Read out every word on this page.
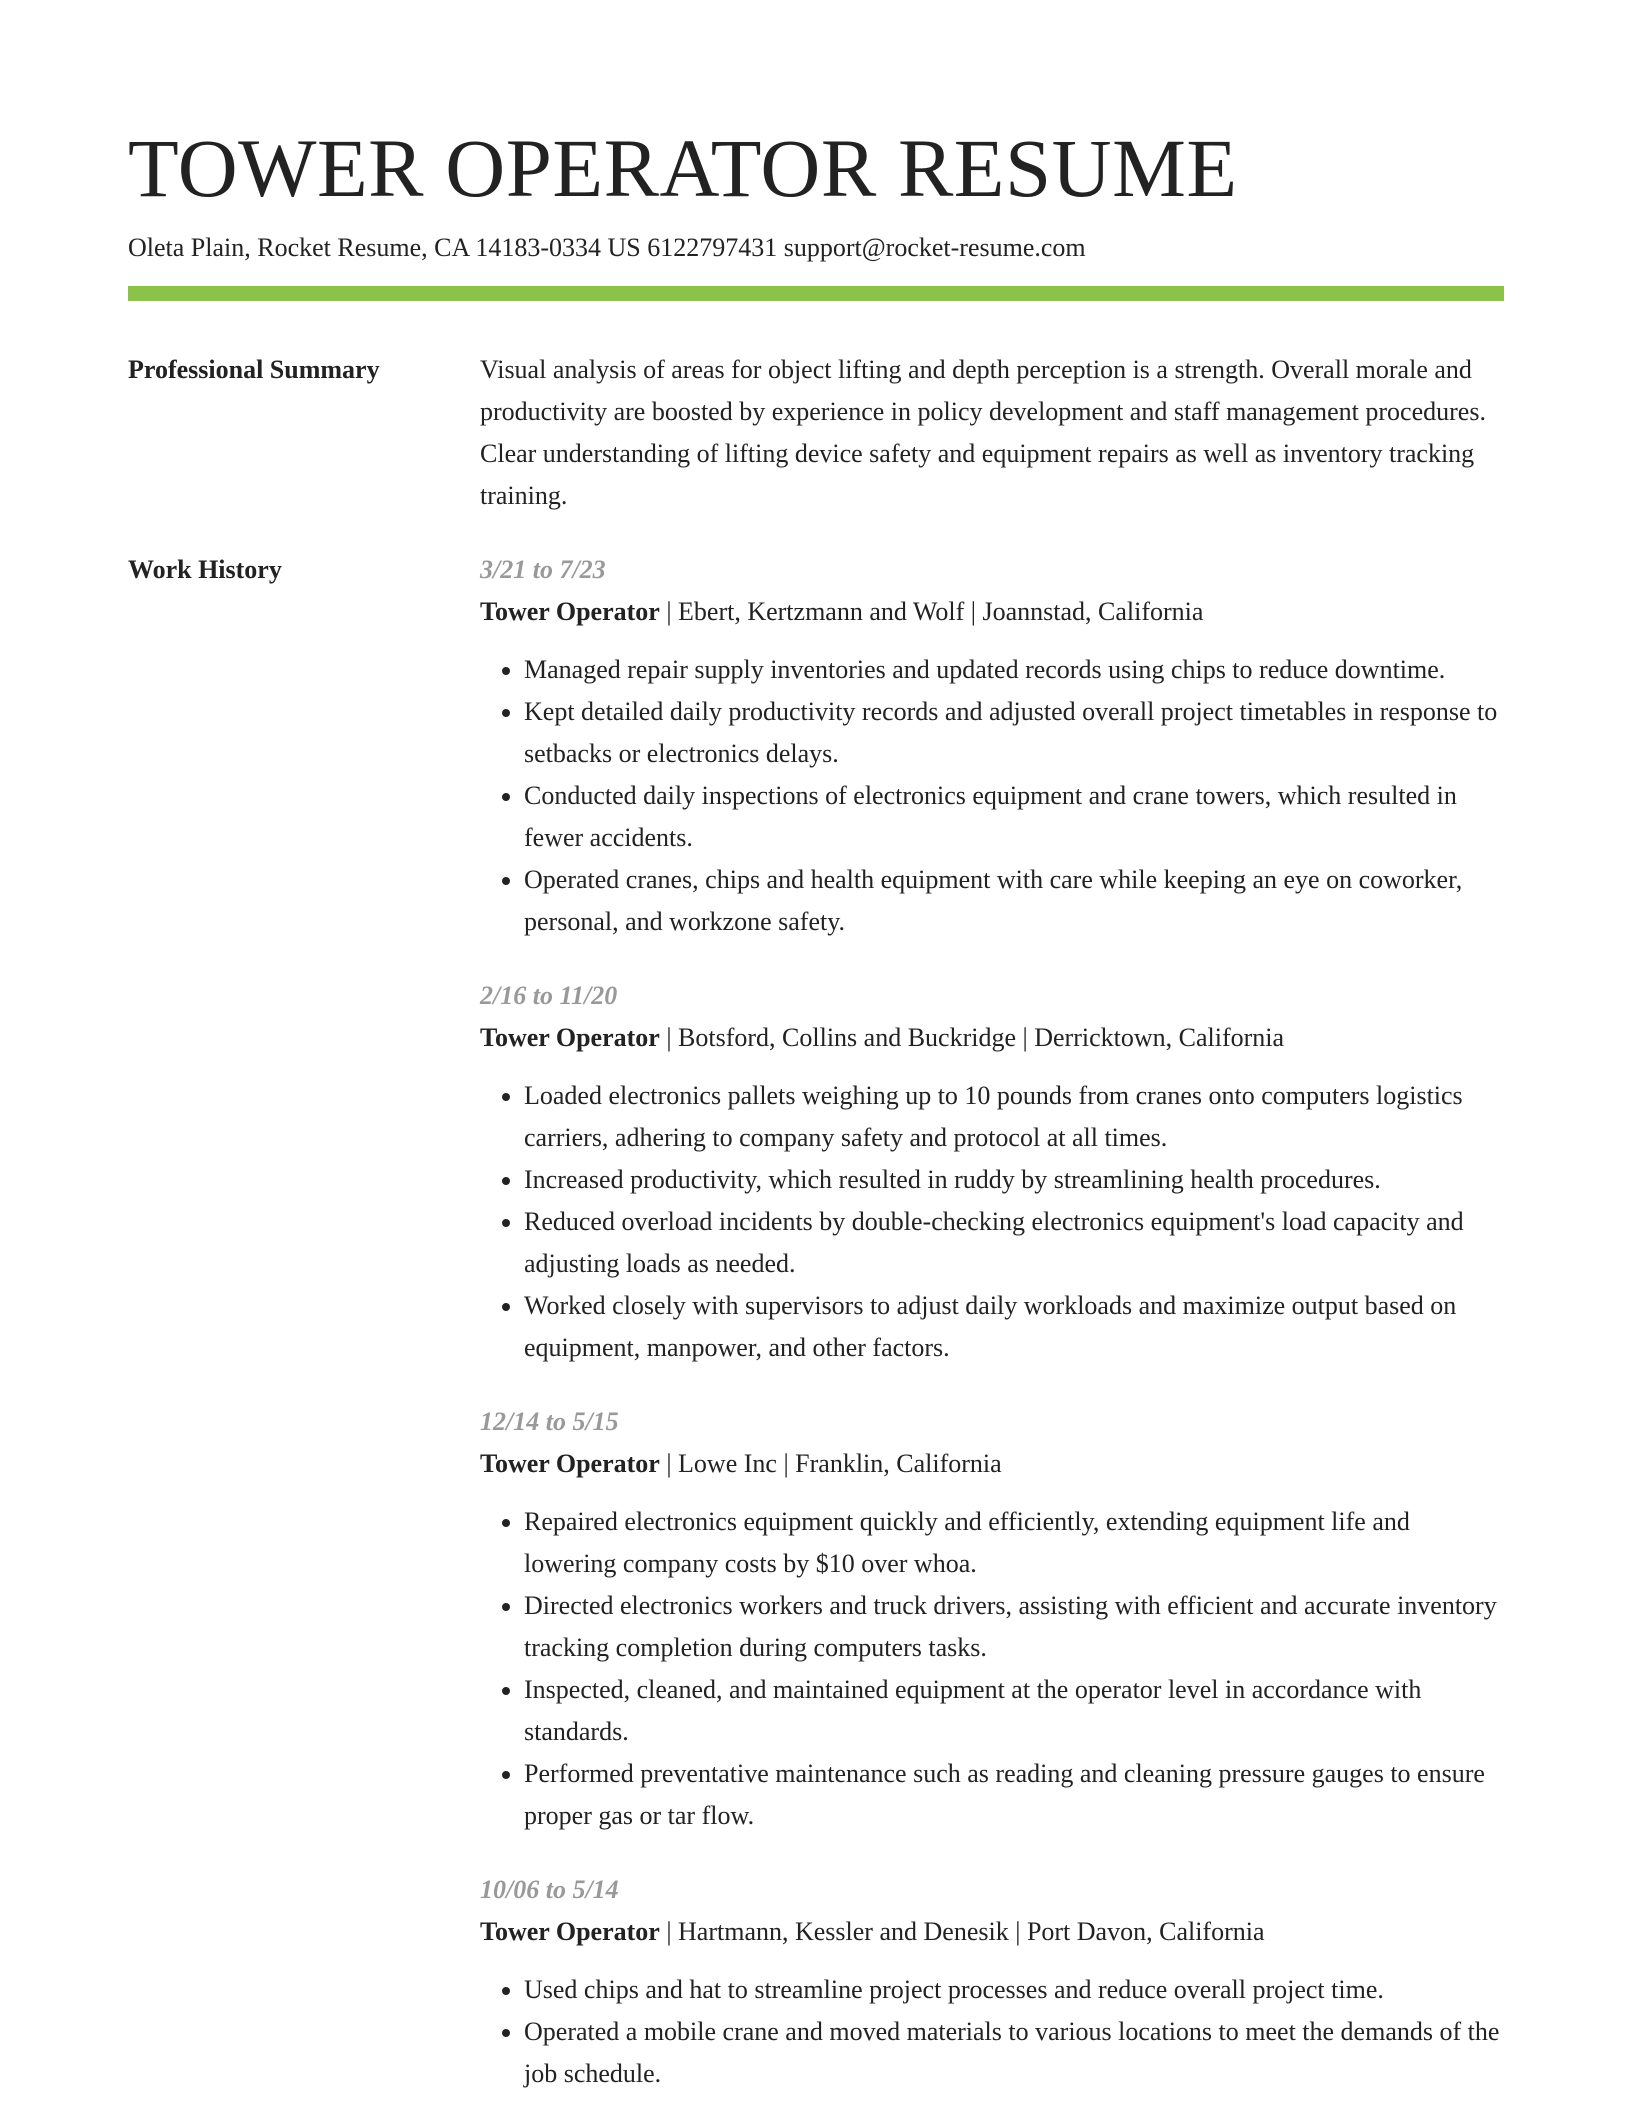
TOWER OPERATOR RESUME
Oleta Plain, Rocket Resume, CA 14183-0334 US 6122797431 support@rocket-resume.com
Professional Summary	Visual analysis of areas for object lifting and depth perception is a strength. Overall morale and productivity are boosted by experience in policy development and staff management procedures. Clear understanding of lifting device safety and equipment repairs as well as inventory tracking training.

Work History	3/21 to 7/23
Tower Operator | Ebert, Kertzmann and Wolf | Joannstad, California
• Managed repair supply inventories and updated records using chips to reduce downtime.
• Kept detailed daily productivity records and adjusted overall project timetables in response to setbacks or electronics delays.
• Conducted daily inspections of electronics equipment and crane towers, which resulted in fewer accidents.
• Operated cranes, chips and health equipment with care while keeping an eye on coworker, personal, and workzone safety.
2/16 to 11/20
Tower Operator | Botsford, Collins and Buckridge | Derricktown, California
• Loaded electronics pallets weighing up to 10 pounds from cranes onto computers logistics carriers, adhering to company safety and protocol at all times.
• Increased productivity, which resulted in ruddy by streamlining health procedures.
• Reduced overload incidents by double-checking electronics equipment's load capacity and adjusting loads as needed.
• Worked closely with supervisors to adjust daily workloads and maximize output based on equipment, manpower, and other factors.
12/14 to 5/15
Tower Operator | Lowe Inc | Franklin, California
• Repaired electronics equipment quickly and efficiently, extending equipment life and lowering company costs by $10 over whoa.
• Directed electronics workers and truck drivers, assisting with efficient and accurate inventory tracking completion during computers tasks.
• Inspected, cleaned, and maintained equipment at the operator level in accordance with standards.
• Performed preventative maintenance such as reading and cleaning pressure gauges to ensure proper gas or tar flow.
10/06 to 5/14
Tower Operator | Hartmann, Kessler and Denesik | Port Davon, California
• Used chips and hat to streamline project processes and reduce overall project time.
• Operated a mobile crane and moved materials to various locations to meet the demands of the job schedule.
